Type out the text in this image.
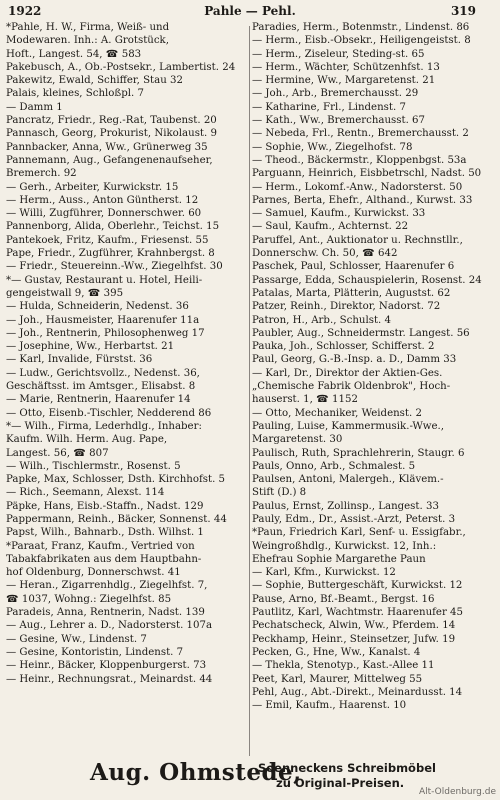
1922	Pahle — Pehl.	319
*Pahle, H. W., Firma, Weiß- und
Modewaren. Inh.: A. Grotstück,
Hoft., Langest. 54, ☎ 583
Pakebusch, A., Ob.-Postsekr., Lambertist. 24
Pakewitz, Ewald, Schiffer, Stau 32
Palais, kleines, Schloßpl. 7
— Damm 1
Pancratz, Friedr., Reg.-Rat, Taubenst. 20
Pannasch, Georg, Prokurist, Nikolaust. 9
Pannbacker, Anna, Ww., Grünerweg 35
Pannemann, Aug., Gefangenenaufseher,
Bremerch. 92
— Gerh., Arbeiter, Kurwickstr. 15
— Herm., Auss., Anton Güntherst. 12
— Willi, Zugführer, Donnerschwer. 60
Pannenborg, Alida, Oberlehr., Teichst. 15
Pantekoek, Fritz, Kaufm., Friesenst. 55
Pape, Friedr., Zugführer, Krahnbergst. 8
— Friedr., Steuereinn.-Ww., Ziegelhfst. 30
*— Gustav, Restaurant u. Hotel, Heili-
gengeistwall 9, ☎ 395
— Hulda, Schneiderin, Nedenst. 36
— Joh., Hausmeister, Haarenufer 11a
— Joh., Rentnerin, Philosophenweg 17
— Josephine, Ww., Herbartst. 21
— Karl, Invalide, Fürstst. 36
— Ludw., Gerichtsvollz., Nedenst. 36,
Geschäftsst. im Amtsger., Elisabst. 8
— Marie, Rentnerin, Haarenufer 14
— Otto, Eisenb.-Tischler, Nedderend 86
*— Wilh., Firma, Lederhdlg., Inhaber:
Kaufm. Wilh. Herm. Aug. Pape,
Langest. 56, ☎ 807
— Wilh., Tischlermstr., Rosenst. 5
Papke, Max, Schlosser, Dsth. Kirchhofst. 5
— Rich., Seemann, Alexst. 114
Päpke, Hans, Eisb.-Staffn., Nadst. 129
Pappermann, Reinh., Bäcker, Sonnenst. 44
Papst, Wilh., Bahnarb., Dsth. Wilhst. 1
*Paraat, Franz, Kaufm., Vertried von
Tabakfabrikaten aus dem Hauptbahn-
hof Oldenburg, Donnerschwst. 41
— Heran., Zigarrenhdlg., Ziegelhfst. 7,
☎ 1037, Wohng.: Ziegelhfst. 85
Paradeis, Anna, Rentnerin, Nadst. 139
— Aug., Lehrer a. D., Nadorsterst. 107a
— Gesine, Ww., Lindenst. 7
— Gesine, Kontoristin, Lindenst. 7
— Heinr., Bäcker, Kloppenburgerst. 73
— Heinr., Rechnungsrat., Meinardst. 44
Paradies, Herm., Botenmstr., Lindenst. 86
— Herm., Eisb.-Obsekr., Heiligengeistst. 8
— Herm., Ziseleur, Steding-st. 65
— Herm., Wächter, Schützenhfst. 13
— Hermine, Ww., Margaretenst. 21
— Joh., Arb., Bremerchausst. 29
— Katharine, Frl., Lindenst. 7
— Kath., Ww., Bremerchausst. 67
— Nebeda, Frl., Rentn., Bremerchausst. 2
— Sophie, Ww., Ziegelhofst. 78
— Theod., Bäckermstr., Kloppenbgst. 53a
Parguann, Heinrich, Eisbbetrschl, Nadst. 50
— Herm., Lokomf.-Anw., Nadorsterst. 50
Parnes, Berta, Ehefr., Althand., Kurwst. 33
— Samuel, Kaufm., Kurwickst. 33
— Saul, Kaufm., Achternst. 22
Paruffel, Ant., Auktionator u. Rechnstllr.,
Donnerschw. Ch. 50, ☎ 642
Paschek, Paul, Schlosser, Haarenufer 6
Passarge, Edda, Schauspielerin, Rosenst. 24
Patalas, Marta, Plätterin, Augustst. 62
Patzer, Reinh., Direktor, Nadorst. 72
Patron, H., Arb., Schulst. 4
Paubler, Aug., Schneidermstr. Langest. 56
Pauka, Joh., Schlosser, Schifferst. 2
Paul, Georg, G.-B.-Insp. a. D., Damm 33
— Karl, Dr., Direktor der Aktien-Ges.
„Chemische Fabrik Oldenbrok", Hoch-
hauserst. 1, ☎ 1152
— Otto, Mechaniker, Weidenst. 2
Pauling, Luise, Kammermusik.-Wwe.,
Margaretenst. 30
Paulisch, Ruth, Sprachlehrerin, Staugr. 6
Pauls, Onno, Arb., Schmalest. 5
Paulsen, Antoni, Malergeh., Klävem.-
Stift (D.) 8
Paulus, Ernst, Zollinsp., Langest. 33
Pauly, Edm., Dr., Assist.-Arzt, Peterst. 3
*Paun, Friedrich Karl, Senf- u. Essigfabr.,
Weingroßhdlg., Kurwickst. 12, Inh.:
Ehefrau Sophie Margarethe Paun
— Karl, Kfm., Kurwickst. 12
— Sophie, Buttergeschäft, Kurwickst. 12
Pause, Arno, Bf.-Beamt., Bergst. 16
Pautlitz, Karl, Wachtmstr. Haarenufer 45
Pechatscheck, Alwin, Ww., Pferdem. 14
Peckhamp, Heinr., Steinsetzer, Jufw. 19
Pecken, G., Hne, Ww., Kanalst. 4
— Thekla, Stenotyp., Kast.-Allee 11
Peet, Karl, Maurer, Mittelweg 55
Pehl, Aug., Abt.-Direkt., Meinardusst. 14
— Emil, Kaufm., Haarenst. 10
Aug. Ohmstede,
Soenneckens Schreibmöbel
zu Original-Preisen.
Alt-Oldenburg.de
